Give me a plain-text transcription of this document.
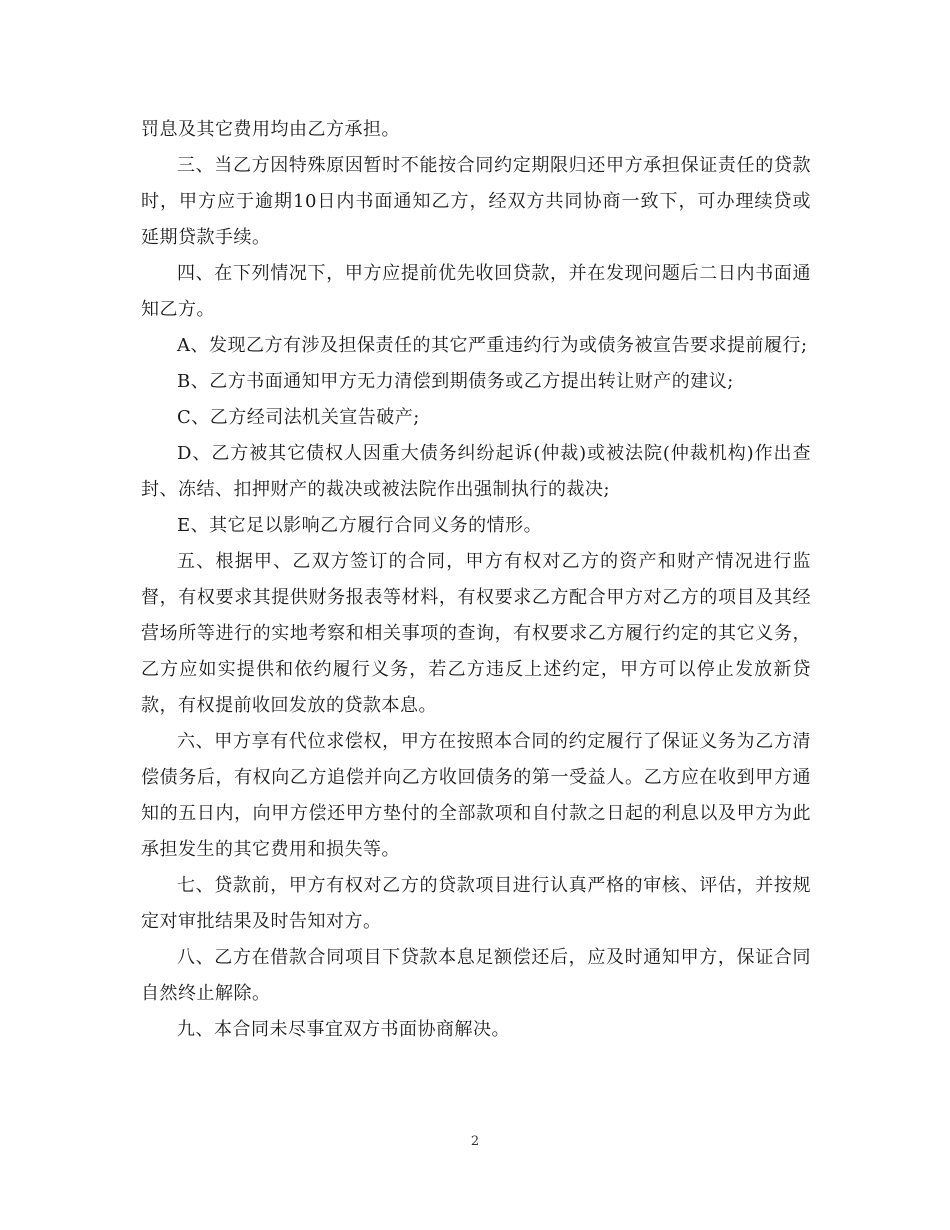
罚息及其它费用均由乙方承担。

三、当乙方因特殊原因暂时不能按合同约定期限归还甲方承担保证责任的贷款时，甲方应于逾期10日内书面通知乙方，经双方共同协商一致下，可办理续贷或延期贷款手续。

四、在下列情况下，甲方应提前优先收回贷款，并在发现问题后二日内书面通知乙方。

A、发现乙方有涉及担保责任的其它严重违约行为或债务被宣告要求提前履行;

B、乙方书面通知甲方无力清偿到期债务或乙方提出转让财产的建议;

C、乙方经司法机关宣告破产;

D、乙方被其它债权人因重大债务纠纷起诉(仲裁)或被法院(仲裁机构)作出查封、冻结、扣押财产的裁决或被法院作出强制执行的裁决;

E、其它足以影响乙方履行合同义务的情形。

五、根据甲、乙双方签订的合同，甲方有权对乙方的资产和财产情况进行监督，有权要求其提供财务报表等材料，有权要求乙方配合甲方对乙方的项目及其经营场所等进行的实地考察和相关事项的查询，有权要求乙方履行约定的其它义务，乙方应如实提供和依约履行义务，若乙方违反上述约定，甲方可以停止发放新贷款，有权提前收回发放的贷款本息。

六、甲方享有代位求偿权，甲方在按照本合同的约定履行了保证义务为乙方清偿债务后，有权向乙方追偿并向乙方收回债务的第一受益人。乙方应在收到甲方通知的五日内，向甲方偿还甲方垫付的全部款项和自付款之日起的利息以及甲方为此承担发生的其它费用和损失等。

七、贷款前，甲方有权对乙方的贷款项目进行认真严格的审核、评估，并按规定对审批结果及时告知对方。

八、乙方在借款合同项目下贷款本息足额偿还后，应及时通知甲方，保证合同自然终止解除。

九、本合同未尽事宜双方书面协商解决。

2
